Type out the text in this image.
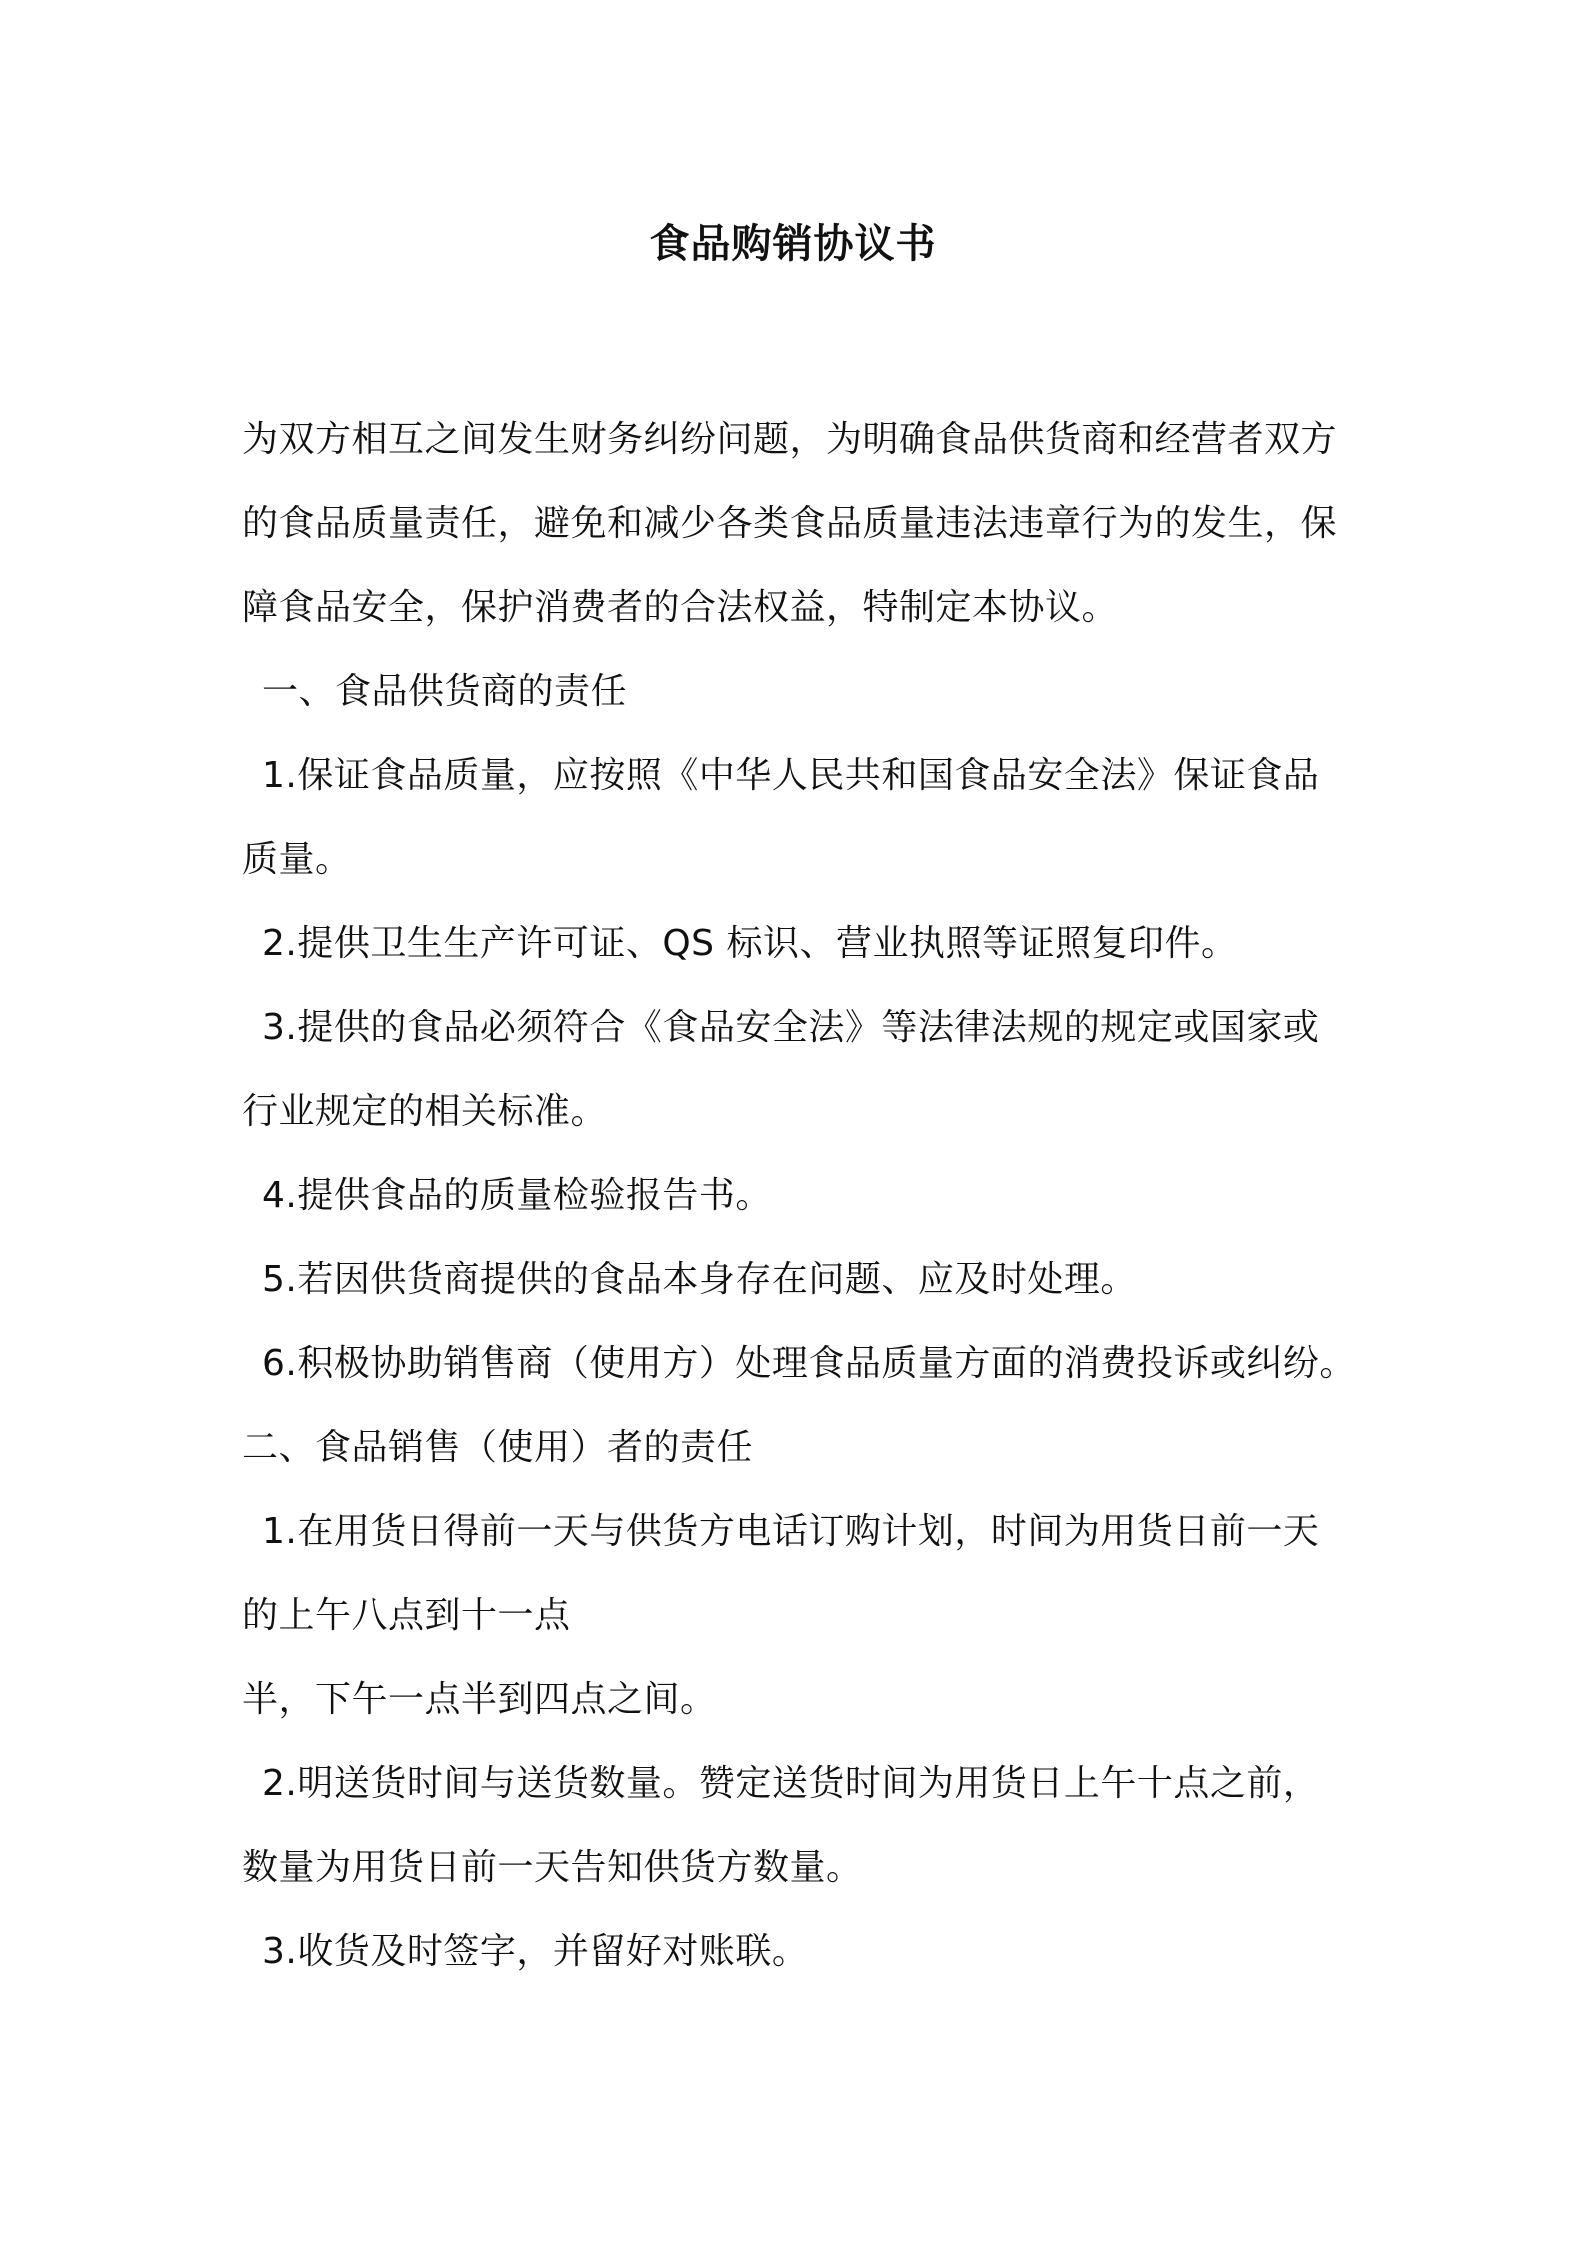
食品购销协议书
为双方相互之间发生财务纠纷问题，为明确食品供货商和经营者双方
的食品质量责任，避免和减少各类食品质量违法违章行为的发生，保
障食品安全，保护消费者的合法权益，特制定本协议。
一、食品供货商的责任
1.保证食品质量，应按照《中华人民共和国食品安全法》保证食品
质量。
2.提供卫生生产许可证、QS 标识、营业执照等证照复印件。
3.提供的食品必须符合《食品安全法》等法律法规的规定或国家或
行业规定的相关标准。
4.提供食品的质量检验报告书。
5.若因供货商提供的食品本身存在问题、应及时处理。
6.积极协助销售商（使用方）处理食品质量方面的消费投诉或纠纷。
二、食品销售（使用）者的责任
1.在用货日得前一天与供货方电话订购计划，时间为用货日前一天
的上午八点到十一点
半，下午一点半到四点之间。
2.明送货时间与送货数量。赞定送货时间为用货日上午十点之前，
数量为用货日前一天告知供货方数量。
3.收货及时签字，并留好对账联。
